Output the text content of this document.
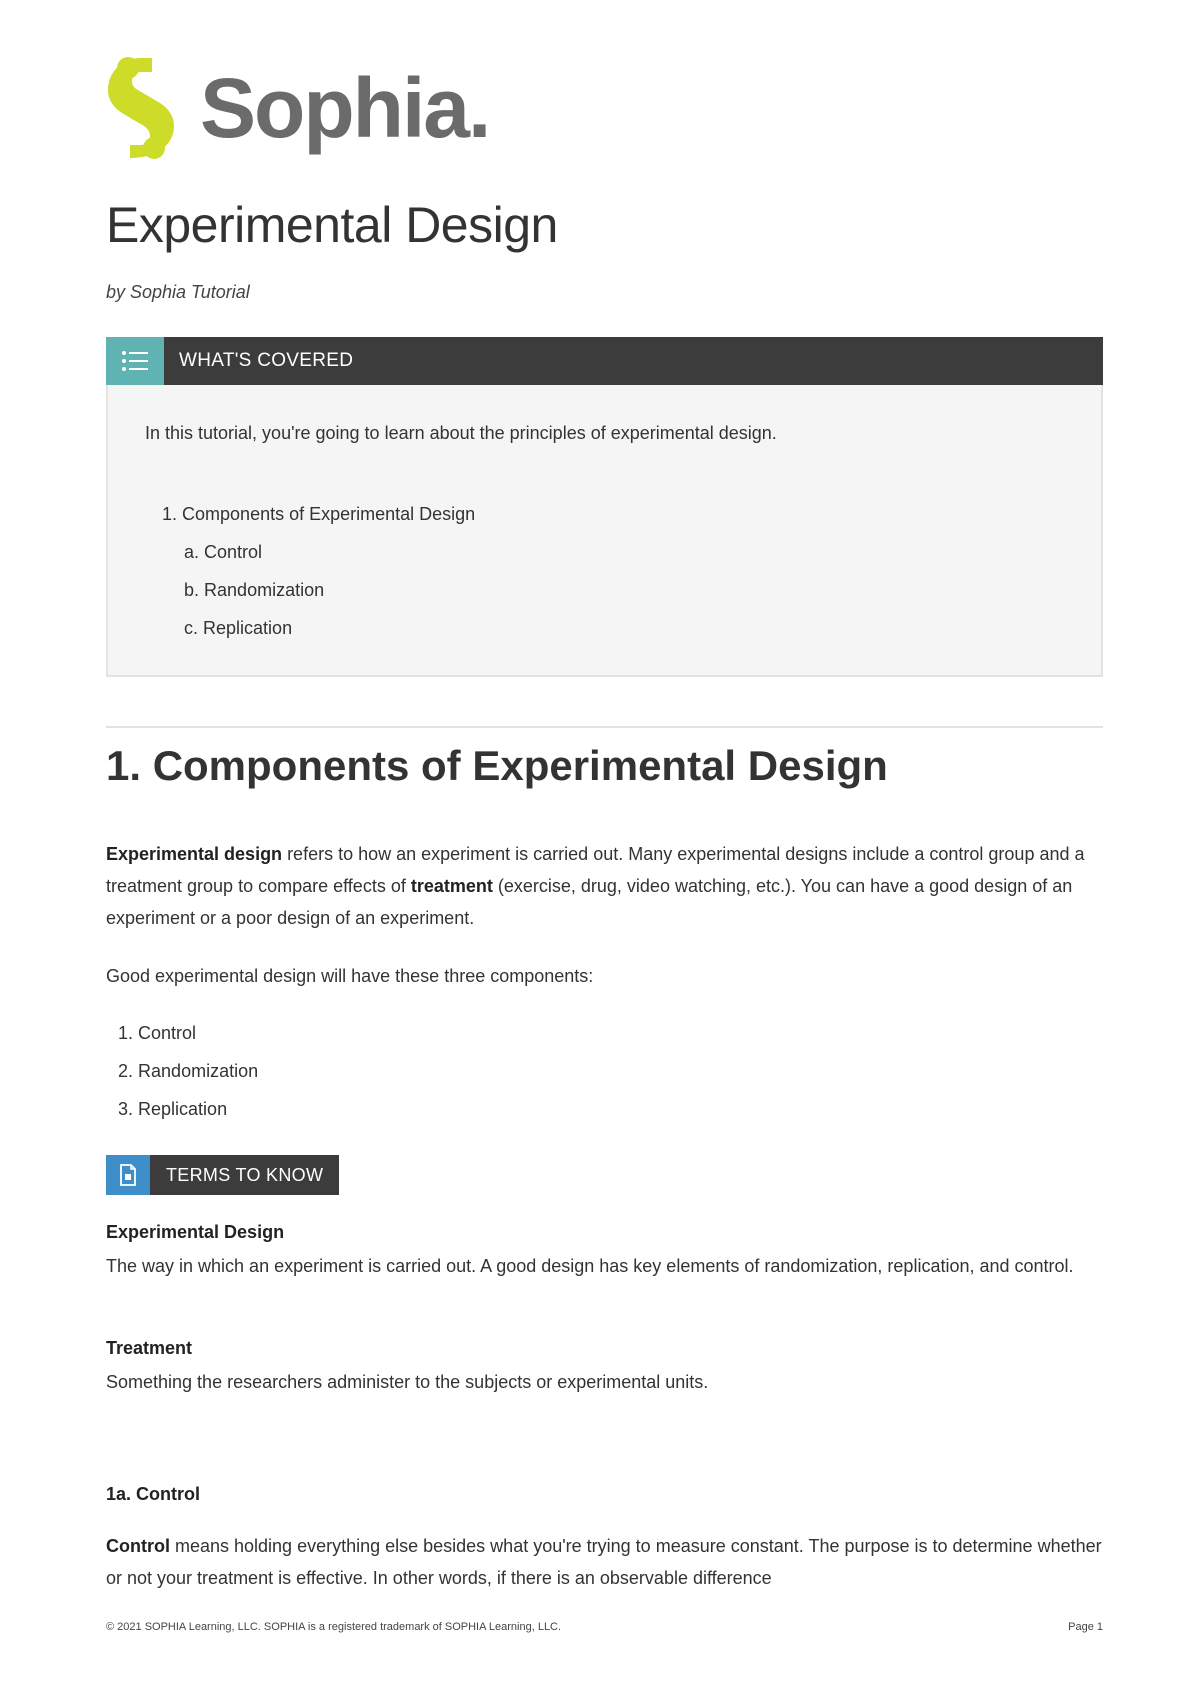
Sophia.
Experimental Design
by Sophia Tutorial
WHAT'S COVERED
In this tutorial, you're going to learn about the principles of experimental design.
1. Components of Experimental Design
a. Control
b. Randomization
c. Replication
1. Components of Experimental Design

Experimental design refers to how an experiment is carried out. Many experimental designs include a control group and a treatment group to compare effects of treatment (exercise, drug, video watching, etc.). You can have a good design of an experiment or a poor design of an experiment.

Good experimental design will have these three components:

1. Control
2. Randomization
3. Replication
TERMS TO KNOW
Experimental Design

The way in which an experiment is carried out. A good design has key elements of randomization, replication, and control.

Treatment

Something the researchers administer to the subjects or experimental units.

1a. Control

Control means holding everything else besides what you're trying to measure constant. The purpose is to determine whether or not your treatment is effective. In other words, if there is an observable difference

© 2021 SOPHIA Learning, LLC. SOPHIA is a registered trademark of SOPHIA Learning, LLC.	Page 1
